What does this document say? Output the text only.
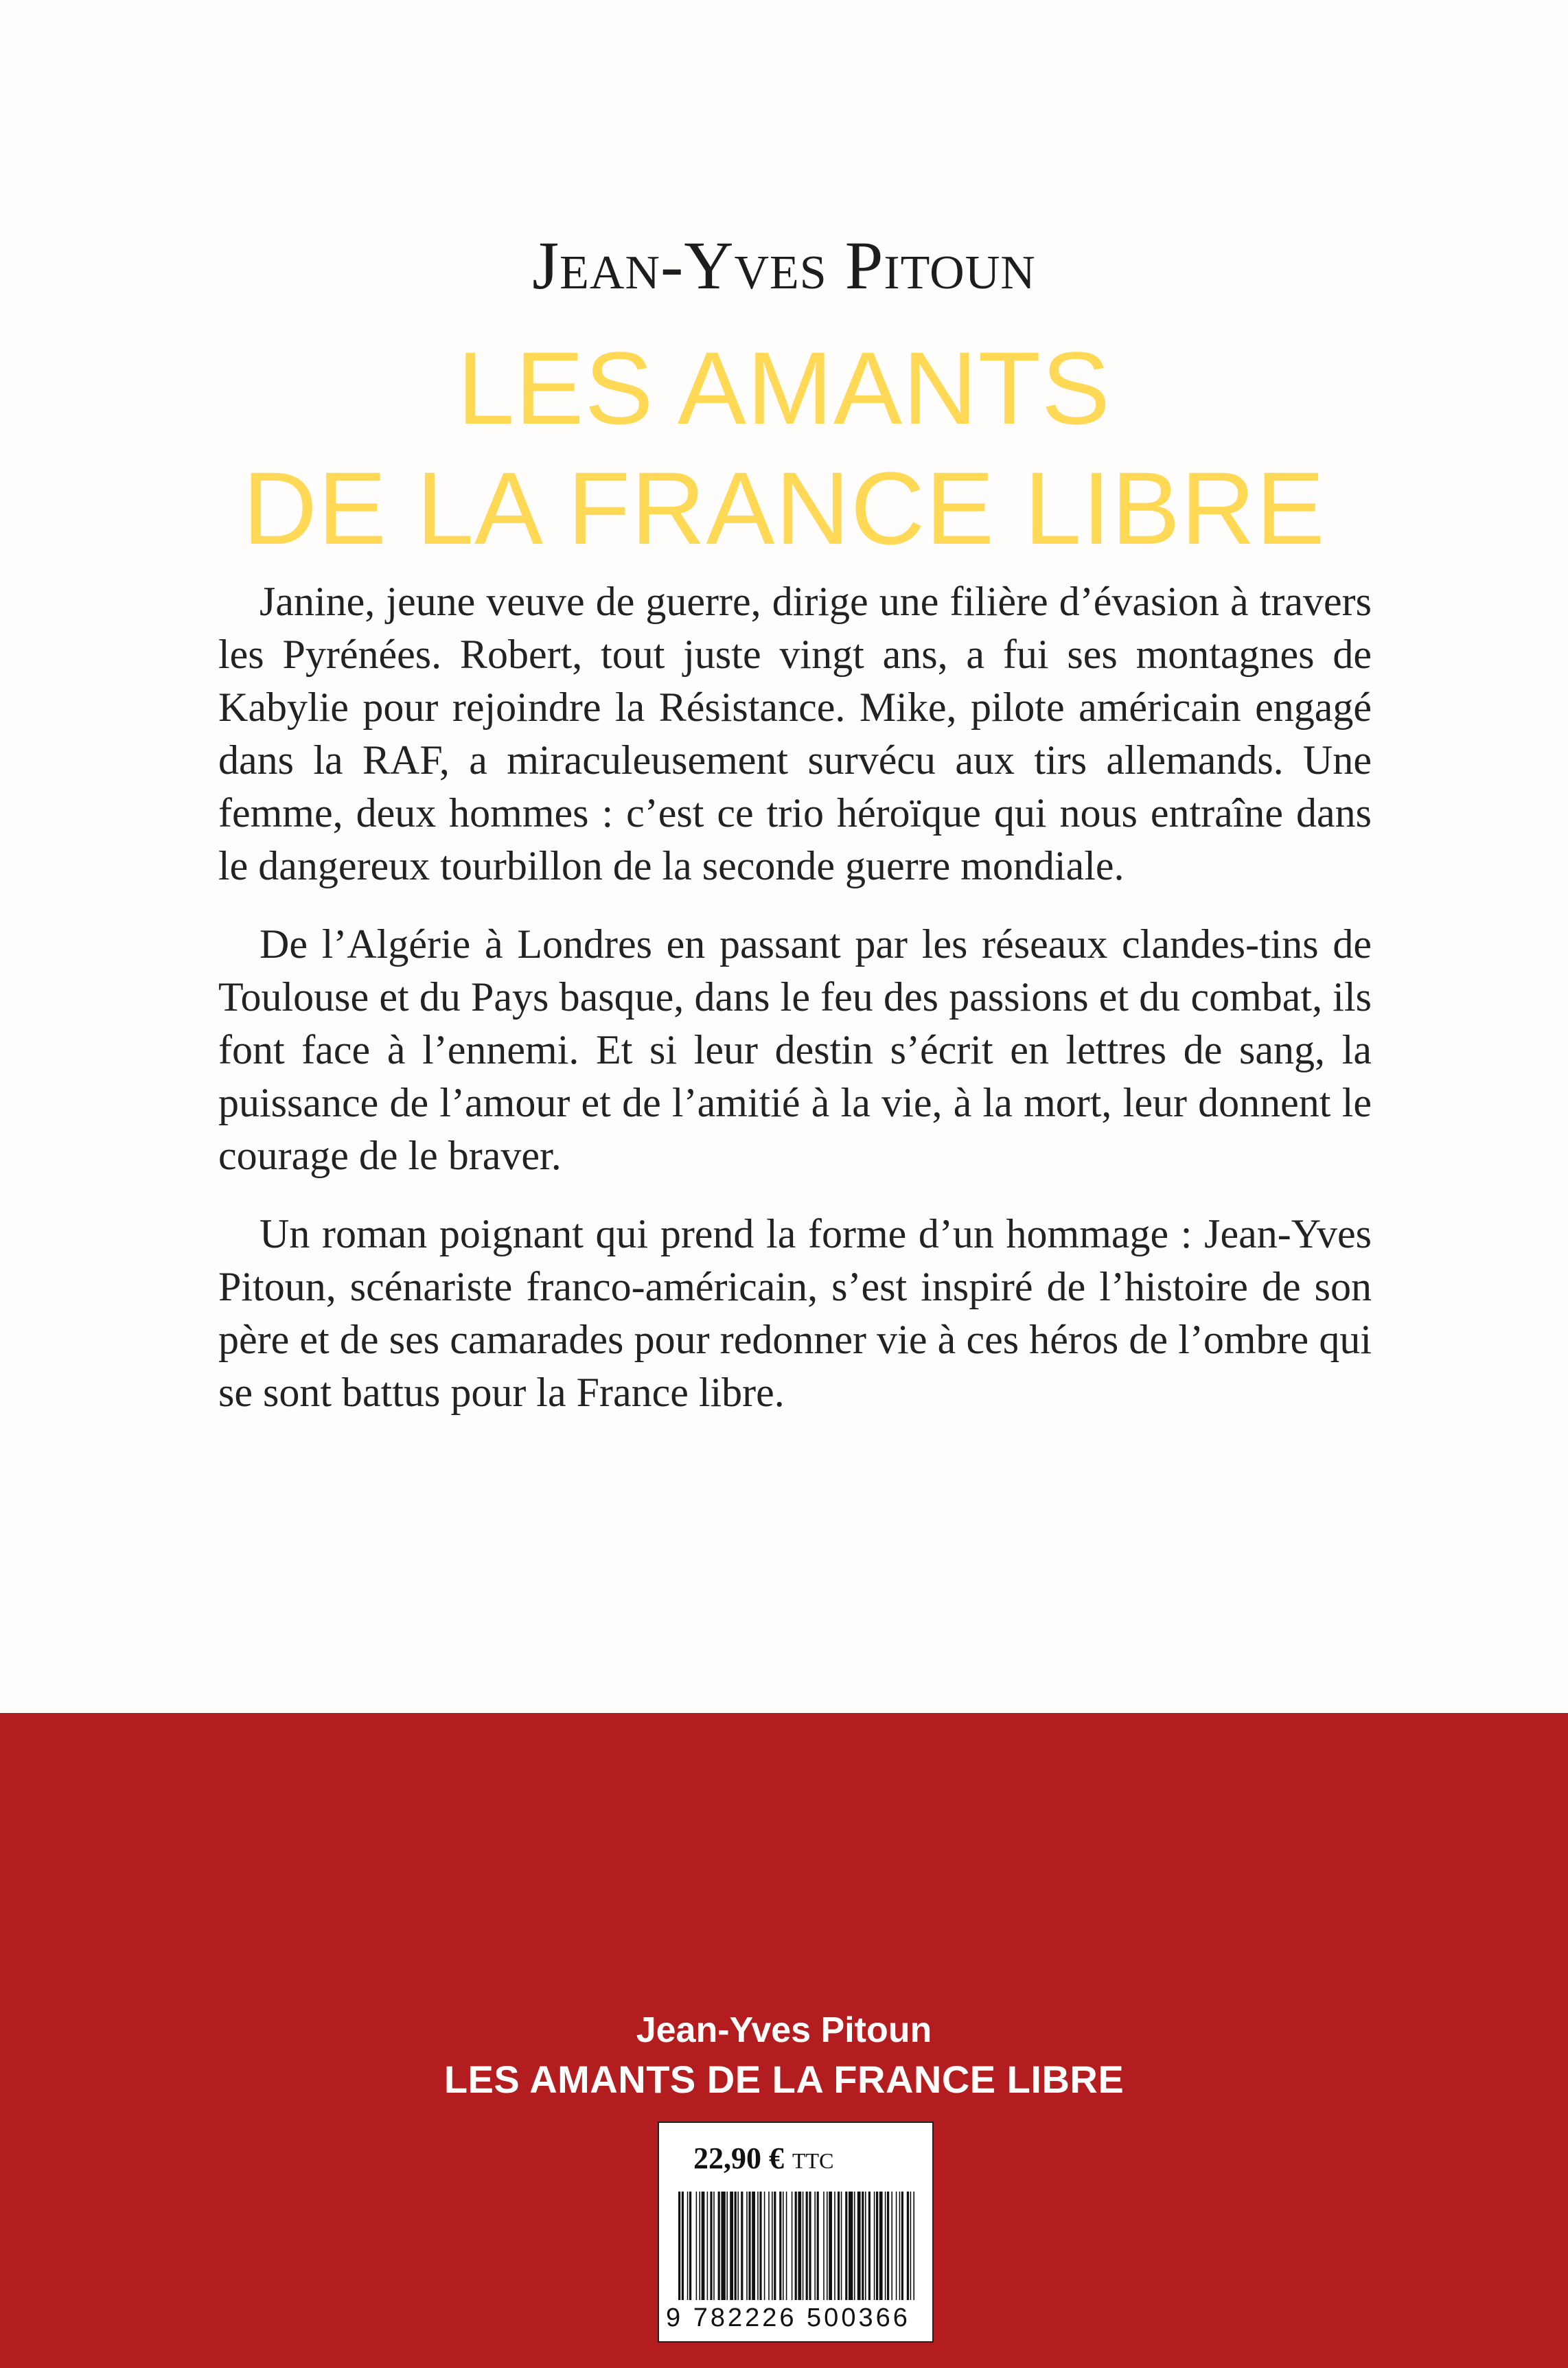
Jean-Yves Pitoun
LES AMANTS
DE LA FRANCE LIBRE

Janine, jeune veuve de guerre, dirige une filière d’évasion à travers les Pyrénées. Robert, tout juste vingt ans, a fui ses montagnes de Kabylie pour rejoindre la Résistance. Mike, pilote américain engagé dans la RAF, a miraculeusement survécu aux tirs allemands. Une femme, deux hommes : c’est ce trio héroïque qui nous entraîne dans le dangereux tourbillon de la seconde guerre mondiale.

De l’Algérie à Londres en passant par les réseaux clandes-tins de Toulouse et du Pays basque, dans le feu des passions et du combat, ils font face à l’ennemi. Et si leur destin s’écrit en lettres de sang, la puissance de l’amour et de l’amitié à la vie, à la mort, leur donnent le courage de le braver.

Un roman poignant qui prend la forme d’un hommage : Jean-Yves Pitoun, scénariste franco-américain, s’est inspiré de l’histoire de son père et de ses camarades pour redonner vie à ces héros de l’ombre qui se sont battus pour la France libre.

Jean-Yves Pitoun
LES AMANTS DE LA FRANCE LIBRE
22,90 € TTC
9 782226 500366
